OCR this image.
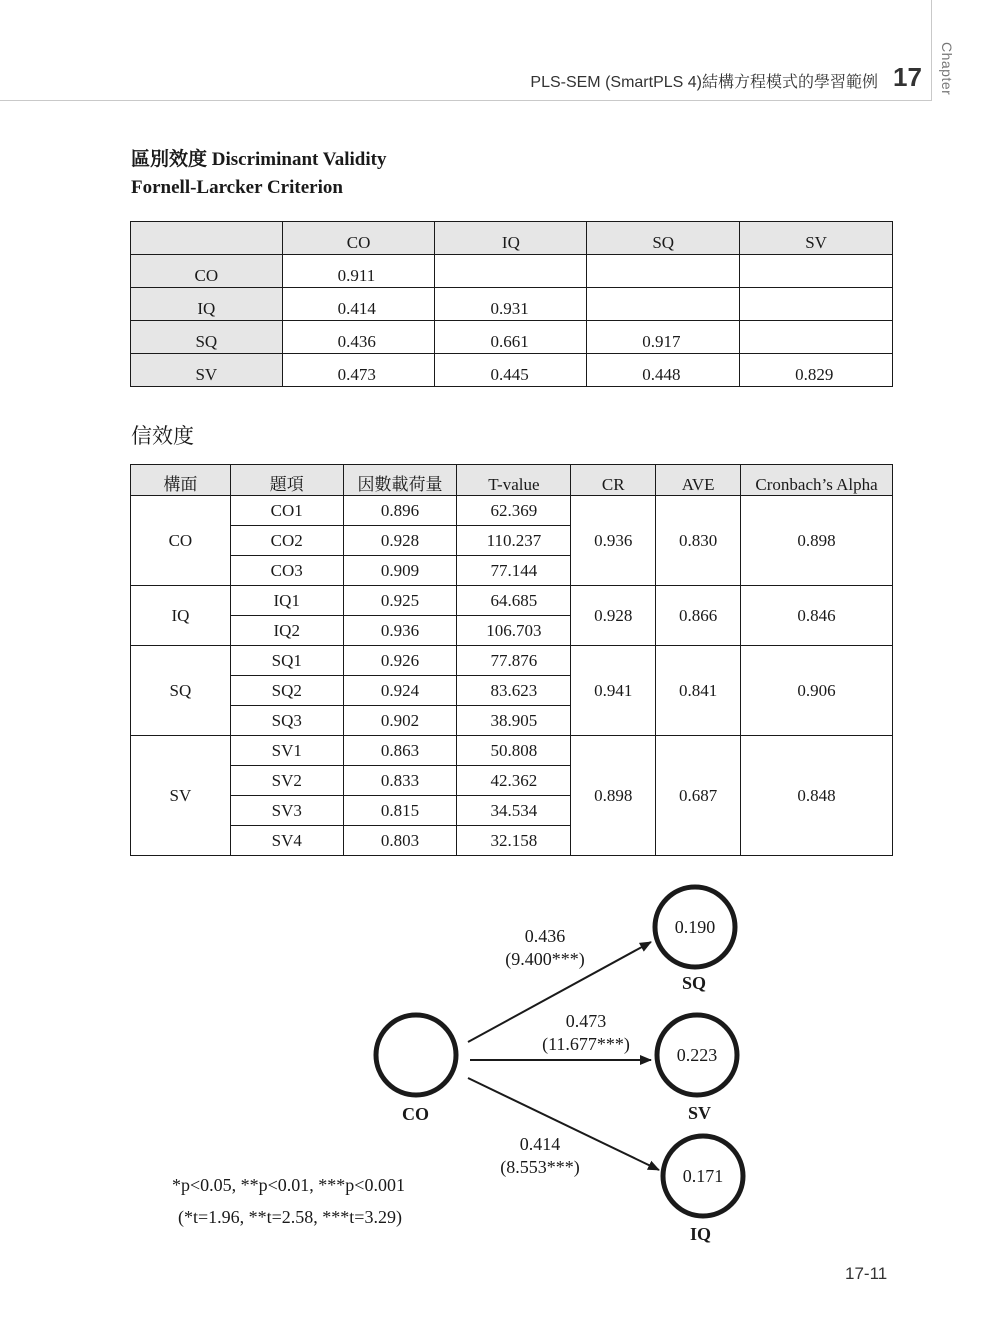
PLS-SEM (SmartPLS 4)結構方程模式的學習範例 17	Chapter
區別效度 Discriminant Validity
Fornell-Larcker Criterion
	CO	IQ	SQ	SV
CO	0.911			
IQ	0.414	0.931		
SQ	0.436	0.661	0.917	
SV	0.473	0.445	0.448	0.829
信效度
構面	題項	因數載荷量	T-value	CR	AVE	Cronbach’s Alpha
CO	CO1	0.896	62.369	0.936	0.830	0.898
	CO2	0.928	110.237			
	CO3	0.909	77.144			
IQ	IQ1	0.925	64.685	0.928	0.866	0.846
	IQ2	0.936	106.703			
SQ	SQ1	0.926	77.876	0.941	0.841	0.906
	SQ2	0.924	83.623			
	SQ3	0.902	38.905			
SV	SV1	0.863	50.808	0.898	0.687	0.848
	SV2	0.833	42.362			
	SV3	0.815	34.534			
	SV4	0.803	32.158			
0.190
0.223
0.171
CO
SQ
SV
IQ
0.436
(9.400***)
0.473
(11.677***)
0.414
(8.553***)
*p<0.05, **p<0.01, ***p<0.001
(*t=1.96, **t=2.58, ***t=3.29)
17-11
